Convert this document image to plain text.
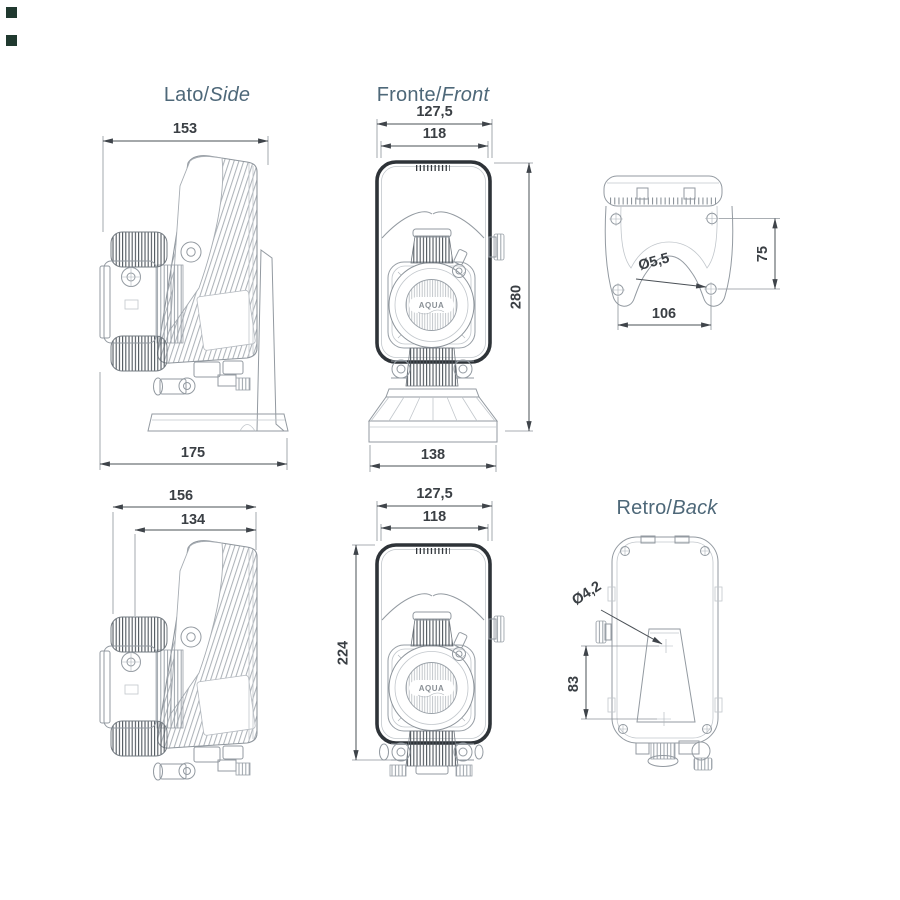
Lato/Side	Fronte/Front
Retro/Back
153
175
AQUA
127,5
118
280
138
Ø5,5	75
106
156
134
AQUA
127,5
118
224
Ø4,2
83
